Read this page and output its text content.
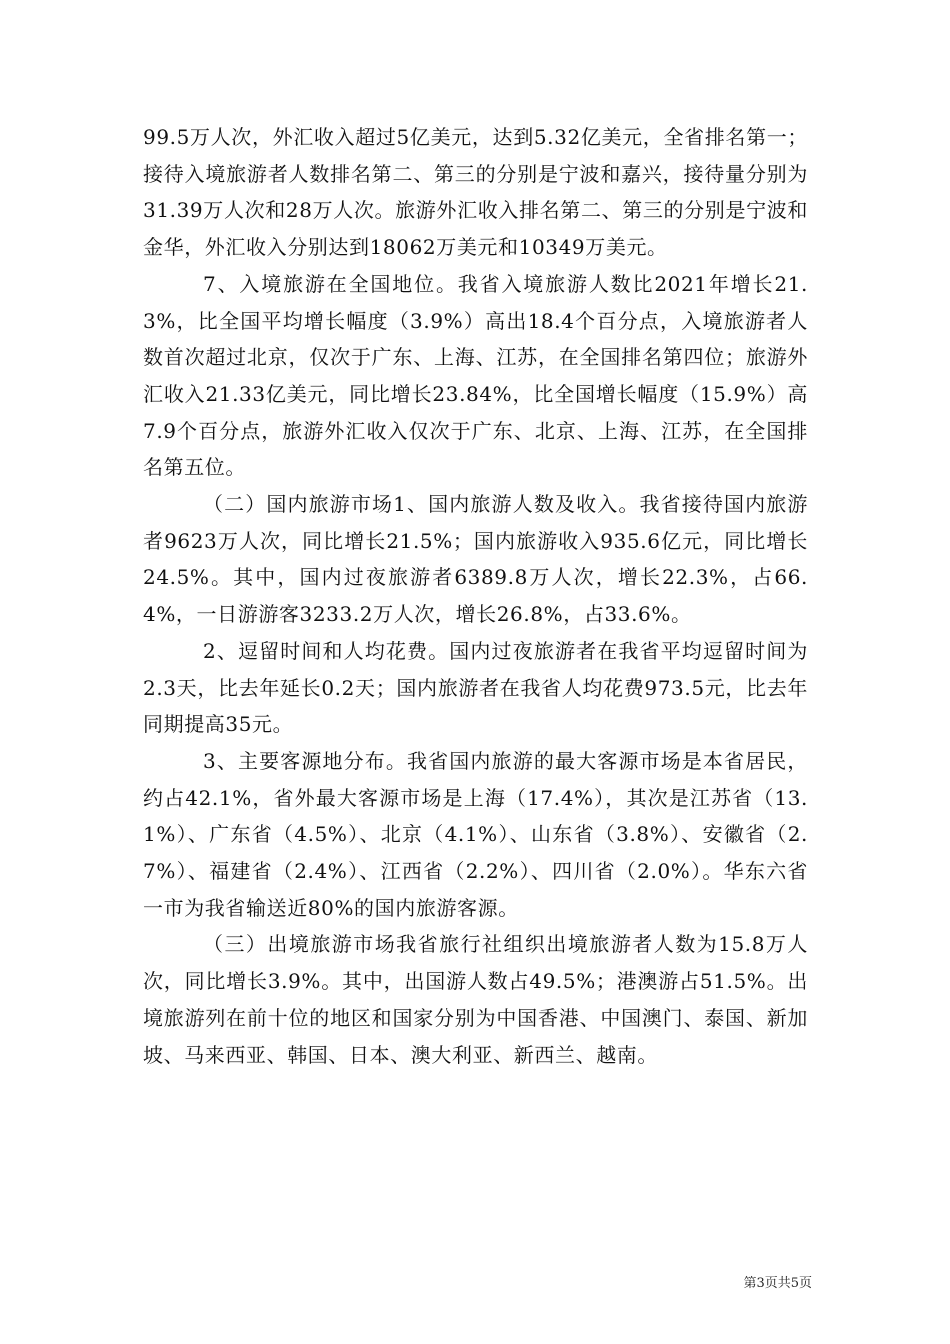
99.5万人次，外汇收入超过5亿美元，达到5.32亿美元，全省排名第一；接待入境旅游者人数排名第二、第三的分别是宁波和嘉兴，接待量分别为31.39万人次和28万人次。旅游外汇收入排名第二、第三的分别是宁波和金华，外汇收入分别达到18062万美元和10349万美元。

7、入境旅游在全国地位。我省入境旅游人数比2021年增长21.3%，比全国平均增长幅度（3.9%）高出18.4个百分点，入境旅游者人数首次超过北京，仅次于广东、上海、江苏，在全国排名第四位；旅游外汇收入21.33亿美元，同比增长23.84%，比全国增长幅度（15.9%）高7.9个百分点，旅游外汇收入仅次于广东、北京、上海、江苏，在全国排名第五位。

（二）国内旅游市场1、国内旅游人数及收入。我省接待国内旅游者9623万人次，同比增长21.5%；国内旅游收入935.6亿元，同比增长24.5%。其中，国内过夜旅游者6389.8万人次，增长22.3%，占66.4%，一日游游客3233.2万人次，增长26.8%，占33.6%。

2、逗留时间和人均花费。国内过夜旅游者在我省平均逗留时间为2.3天，比去年延长0.2天；国内旅游者在我省人均花费973.5元，比去年同期提高35元。

3、主要客源地分布。我省国内旅游的最大客源市场是本省居民，约占42.1%，省外最大客源市场是上海（17.4%），其次是江苏省（13.1%）、广东省（4.5%）、北京（4.1%）、山东省（3.8%）、安徽省（2.7%）、福建省（2.4%）、江西省（2.2%）、四川省（2.0%）。华东六省一市为我省输送近80%的国内旅游客源。

（三）出境旅游市场我省旅行社组织出境旅游者人数为15.8万人次，同比增长3.9%。其中，出国游人数占49.5%；港澳游占51.5%。出境旅游列在前十位的地区和国家分别为中国香港、中国澳门、泰国、新加坡、马来西亚、韩国、日本、澳大利亚、新西兰、越南。

第3页共5页
